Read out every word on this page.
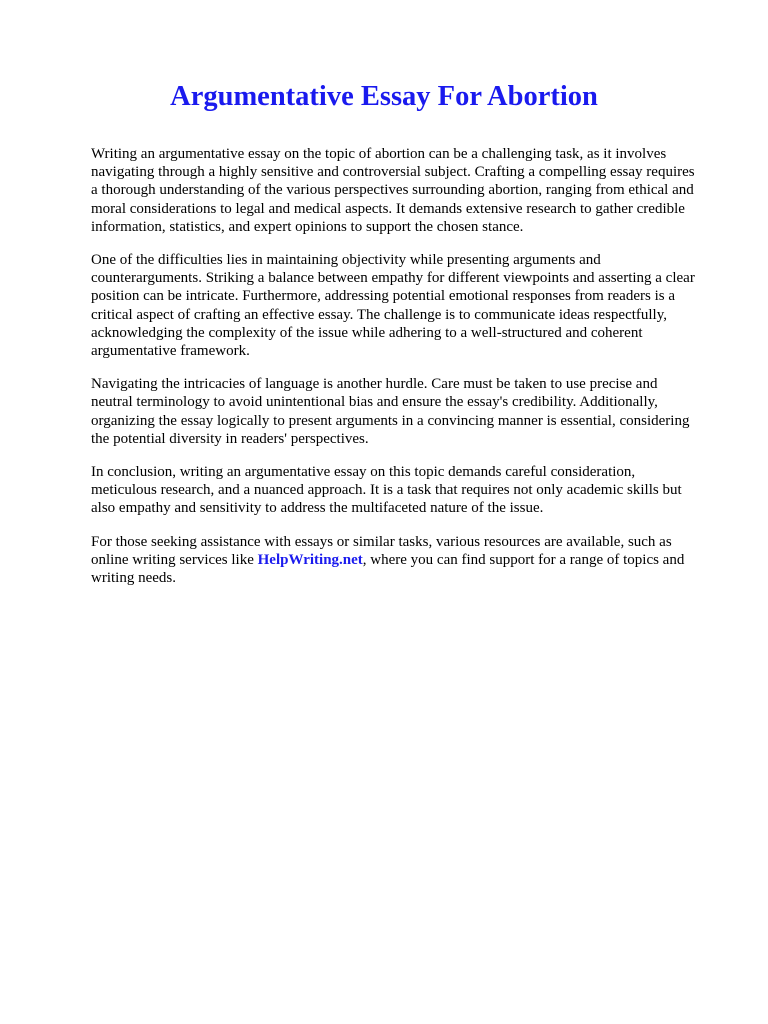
Argumentative Essay For Abortion

Writing an argumentative essay on the topic of abortion can be a challenging task, as it involves
navigating through a highly sensitive and controversial subject. Crafting a compelling essay requires
a thorough understanding of the various perspectives surrounding abortion, ranging from ethical and
moral considerations to legal and medical aspects. It demands extensive research to gather credible
information, statistics, and expert opinions to support the chosen stance.

One of the difficulties lies in maintaining objectivity while presenting arguments and
counterarguments. Striking a balance between empathy for different viewpoints and asserting a clear
position can be intricate. Furthermore, addressing potential emotional responses from readers is a
critical aspect of crafting an effective essay. The challenge is to communicate ideas respectfully,
acknowledging the complexity of the issue while adhering to a well-structured and coherent
argumentative framework.

Navigating the intricacies of language is another hurdle. Care must be taken to use precise and
neutral terminology to avoid unintentional bias and ensure the essay's credibility. Additionally,
organizing the essay logically to present arguments in a convincing manner is essential, considering
the potential diversity in readers' perspectives.

In conclusion, writing an argumentative essay on this topic demands careful consideration,
meticulous research, and a nuanced approach. It is a task that requires not only academic skills but
also empathy and sensitivity to address the multifaceted nature of the issue.

For those seeking assistance with essays or similar tasks, various resources are available, such as
online writing services like HelpWriting.net, where you can find support for a range of topics and
writing needs.
